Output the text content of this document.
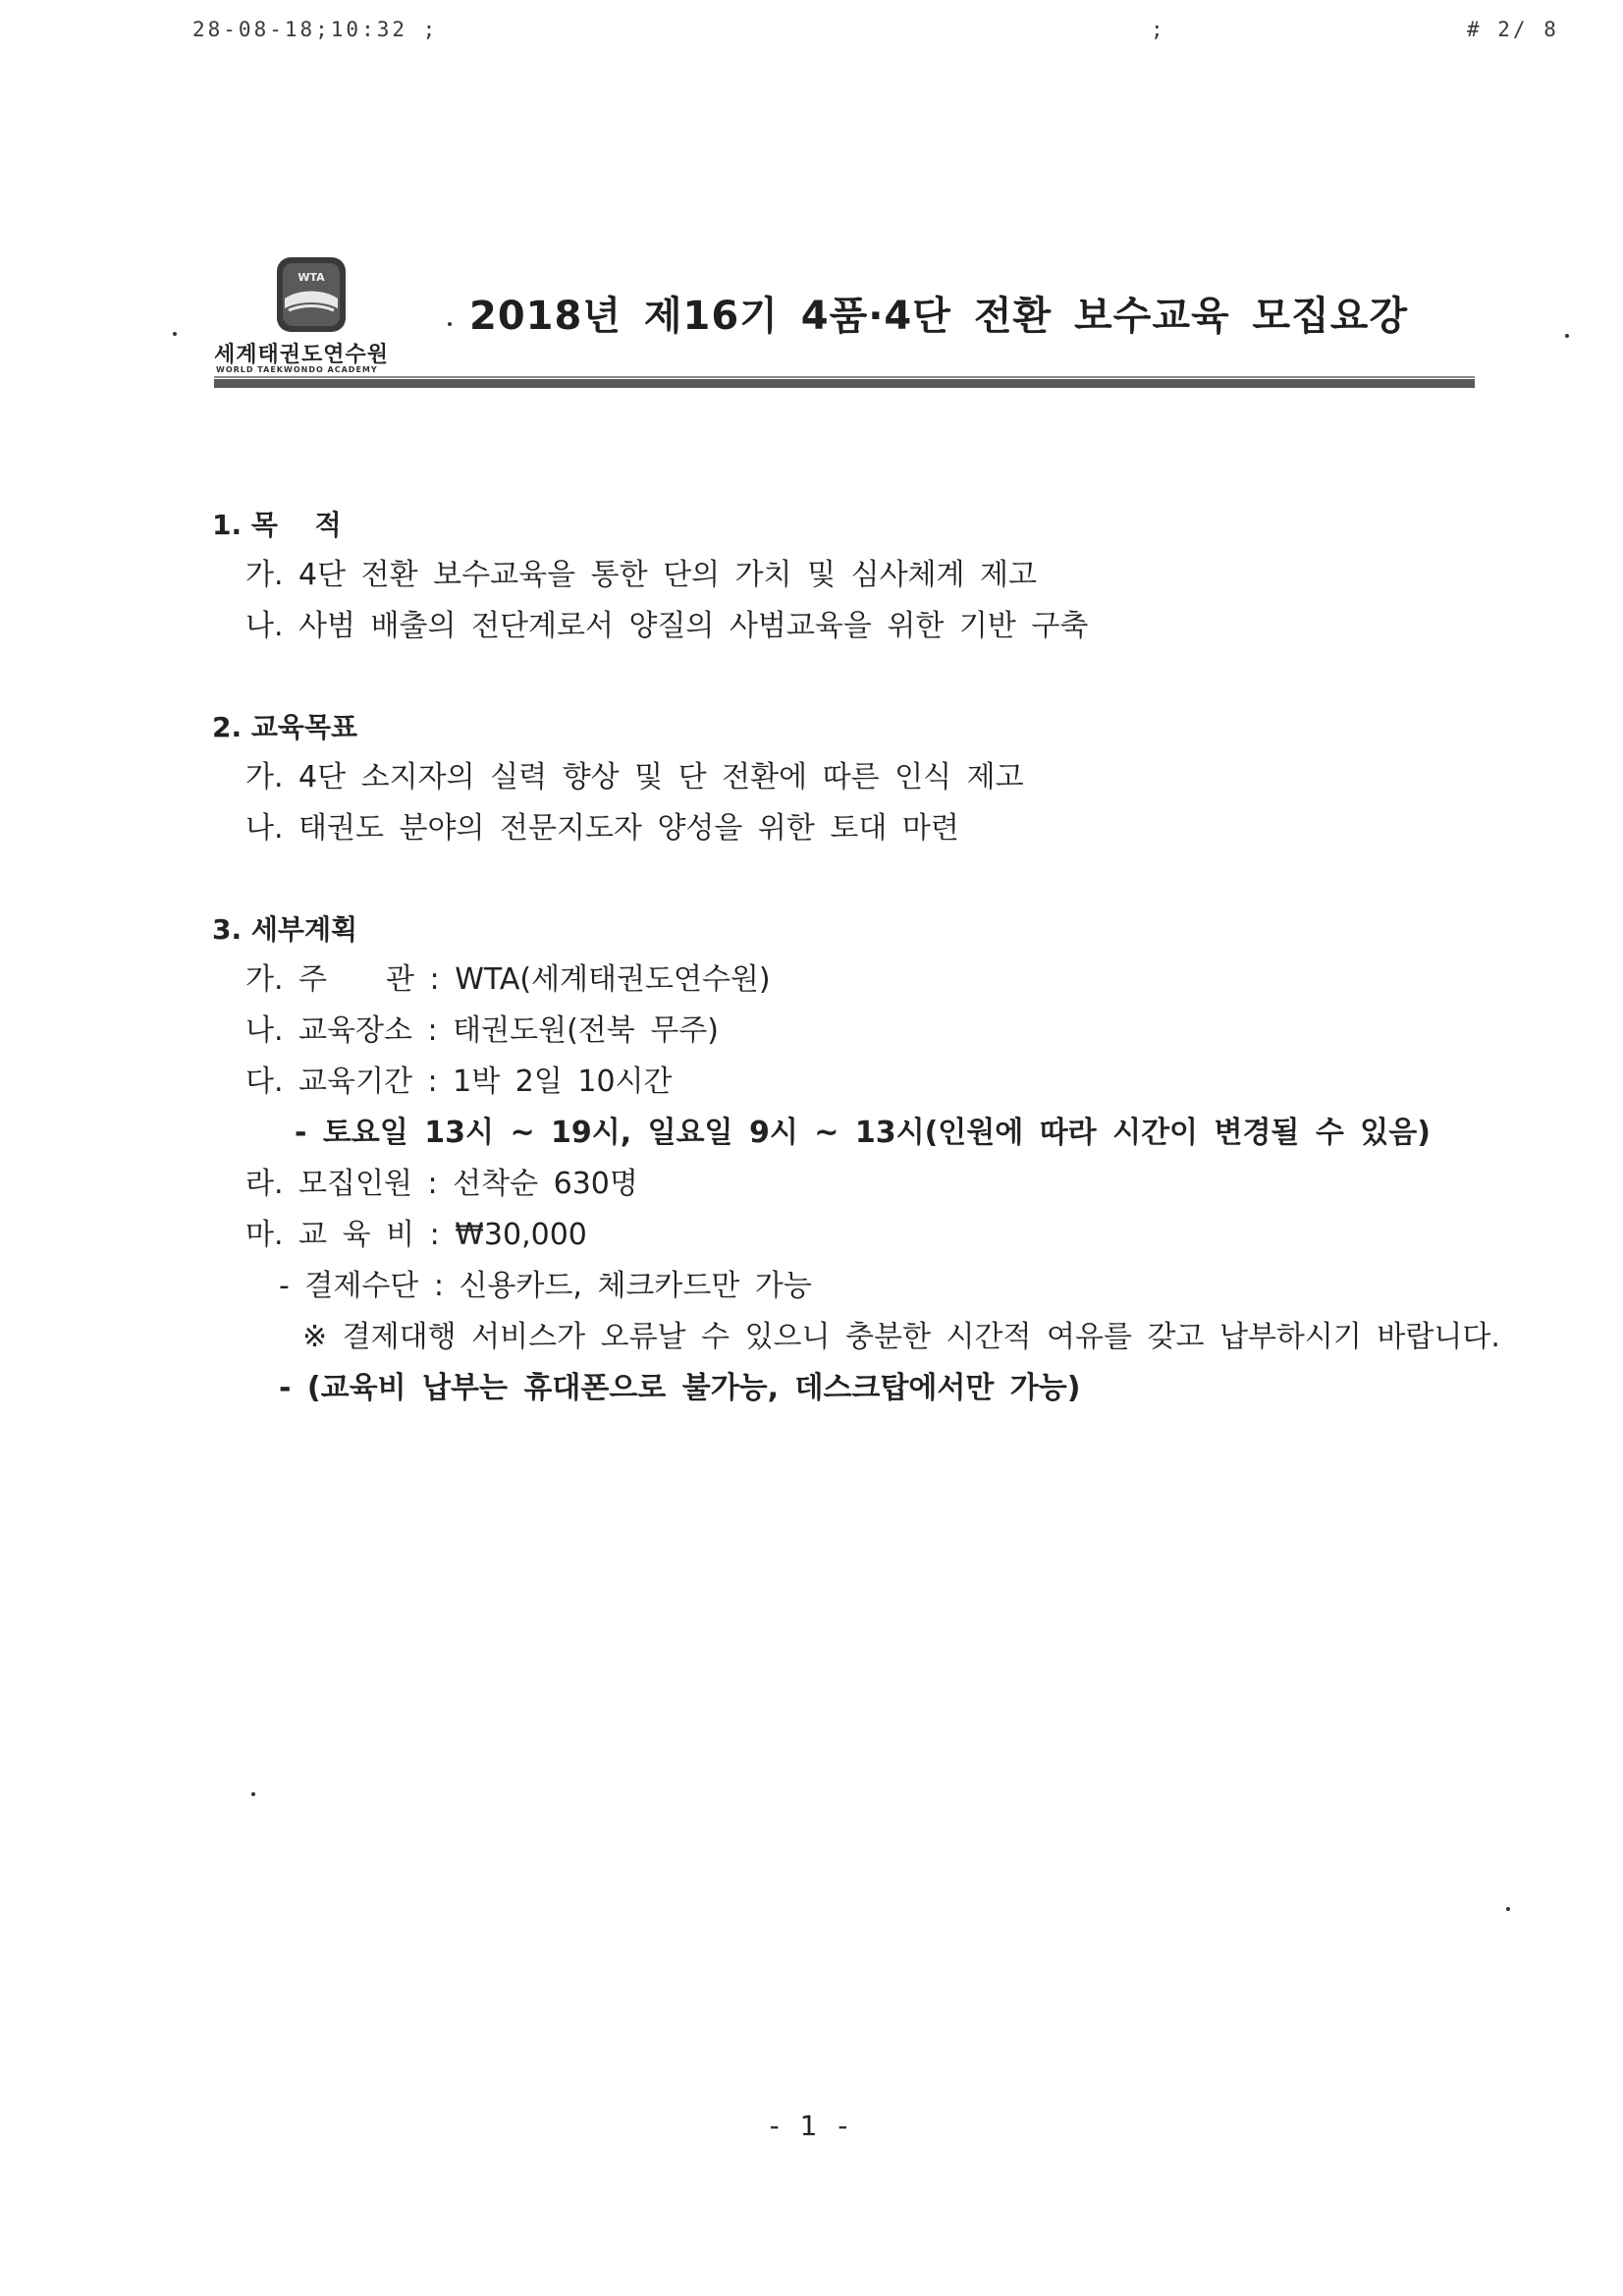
28-08-18;10:32 ;	;	# 2/ 8
WTA
세계태권도연수원
WORLD TAEKWONDO ACADEMY
2018년 제16기 4품·4단 전환 보수교육 모집요강
1. 목　 적
가. 4단 전환 보수교육을 통한 단의 가치 및 심사체계 제고
나. 사범 배출의 전단계로서 양질의 사범교육을 위한 기반 구축
2. 교육목표
가. 4단 소지자의 실력 향상 및 단 전환에 따른 인식 제고
나. 태권도 분야의 전문지도자 양성을 위한 토대 마련
3. 세부계획
가. 주　　관 : WTA(세계태권도연수원)
나. 교육장소 : 태권도원(전북 무주)
다. 교육기간 : 1박 2일 10시간
- 토요일 13시 ~ 19시, 일요일 9시 ~ 13시(인원에 따라 시간이 변경될 수 있음)
라. 모집인원 : 선착순 630명
마. 교 육 비 : ₩30,000
- 결제수단 : 신용카드, 체크카드만 가능
※ 결제대행 서비스가 오류날 수 있으니 충분한 시간적 여유를 갖고 납부하시기 바랍니다.
- (교육비 납부는 휴대폰으로 불가능, 데스크탑에서만 가능)
- 1 -
